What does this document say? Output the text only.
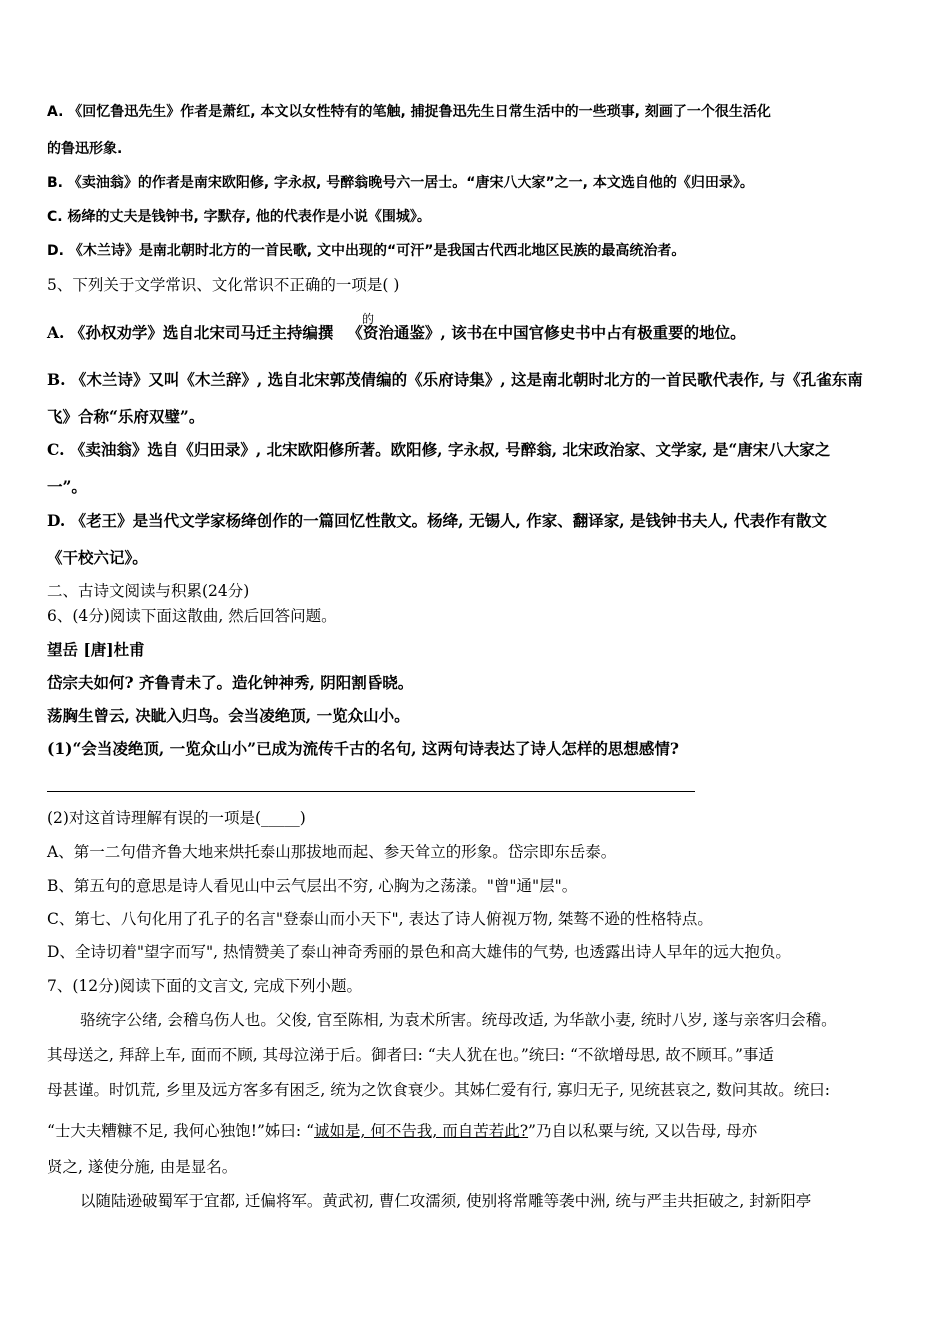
A. 《回忆鲁迅先生》作者是萧红, 本文以女性特有的笔触, 捕捉鲁迅先生日常生活中的一些琐事, 刻画了一个很生活化
的鲁迅形象.
B. 《卖油翁》的作者是南宋欧阳修, 字永叔, 号醉翁晚号六一居士。“唐宋八大家”之一, 本文选自他的《归田录》。
C. 杨绛的丈夫是钱钟书, 字默存, 他的代表作是小说《围城》。
D. 《木兰诗》是南北朝时北方的一首民歌, 文中出现的“可汗”是我国古代西北地区民族的最高统治者。
5、下列关于文学常识、文化常识不正确的一项是( )
A. 《孙权劝学》选自北宋司马迁主持编撰 《资治通鉴》, 该书在中国官修史书中占有极重要的地位。
的
B. 《木兰诗》又叫《木兰辞》, 选自北宋郭茂倩编的《乐府诗集》, 这是南北朝时北方的一首民歌代表作, 与《孔雀东南
飞》合称“乐府双璧”。
C. 《卖油翁》选自《归田录》, 北宋欧阳修所著。欧阳修, 字永叔, 号醉翁, 北宋政治家、文学家, 是“唐宋八大家之
一”。
D. 《老王》是当代文学家杨绛创作的一篇回忆性散文。杨绛, 无锡人, 作家、翻译家, 是钱钟书夫人, 代表作有散文
《干校六记》。
二、古诗文阅读与积累(24分)
6、(4分)阅读下面这散曲, 然后回答问题。
望岳 [唐]杜甫
岱宗夫如何? 齐鲁青未了。造化钟神秀, 阴阳割昏晓。
荡胸生曾云, 决眦入归鸟。会当凌绝顶, 一览众山小。
(1)“会当凌绝顶, 一览众山小”已成为流传千古的名句, 这两句诗表达了诗人怎样的思想感情?
(2)对这首诗理解有误的一项是(_____)
A、第一二句借齐鲁大地来烘托泰山那拔地而起、参天耸立的形象。岱宗即东岳泰。
B、第五句的意思是诗人看见山中云气层出不穷, 心胸为之荡漾。"曾"通"层"。
C、第七、八句化用了孔子的名言"登泰山而小天下", 表达了诗人俯视万物, 桀骜不逊的性格特点。
D、全诗切着"望字而写", 热情赞美了泰山神奇秀丽的景色和高大雄伟的气势, 也透露出诗人早年的远大抱负。
7、(12分)阅读下面的文言文, 完成下列小题。
骆统字公绪, 会稽乌伤人也。父俊, 官至陈相, 为袁术所害。统母改适, 为华歆小妻, 统时八岁, 遂与亲客归会稽。
其母送之, 拜辞上车, 面而不顾, 其母泣涕于后。御者曰: “夫人犹在也。”统曰: “不欲增母思, 故不顾耳。”事适
母甚谨。时饥荒, 乡里及远方客多有困乏, 统为之饮食衰少。其姊仁爱有行, 寡归无子, 见统甚哀之, 数问其故。统曰:
“士大夫糟糠不足, 我何心独饱!”姊曰: “诚如是, 何不告我, 而自苦若此?”乃自以私粟与统, 又以告母, 母亦
贤之, 遂使分施, 由是显名。
以随陆逊破蜀军于宜都, 迁偏将军。黄武初, 曹仁攻濡须, 使别将常雕等袭中洲, 统与严圭共拒破之, 封新阳亭
